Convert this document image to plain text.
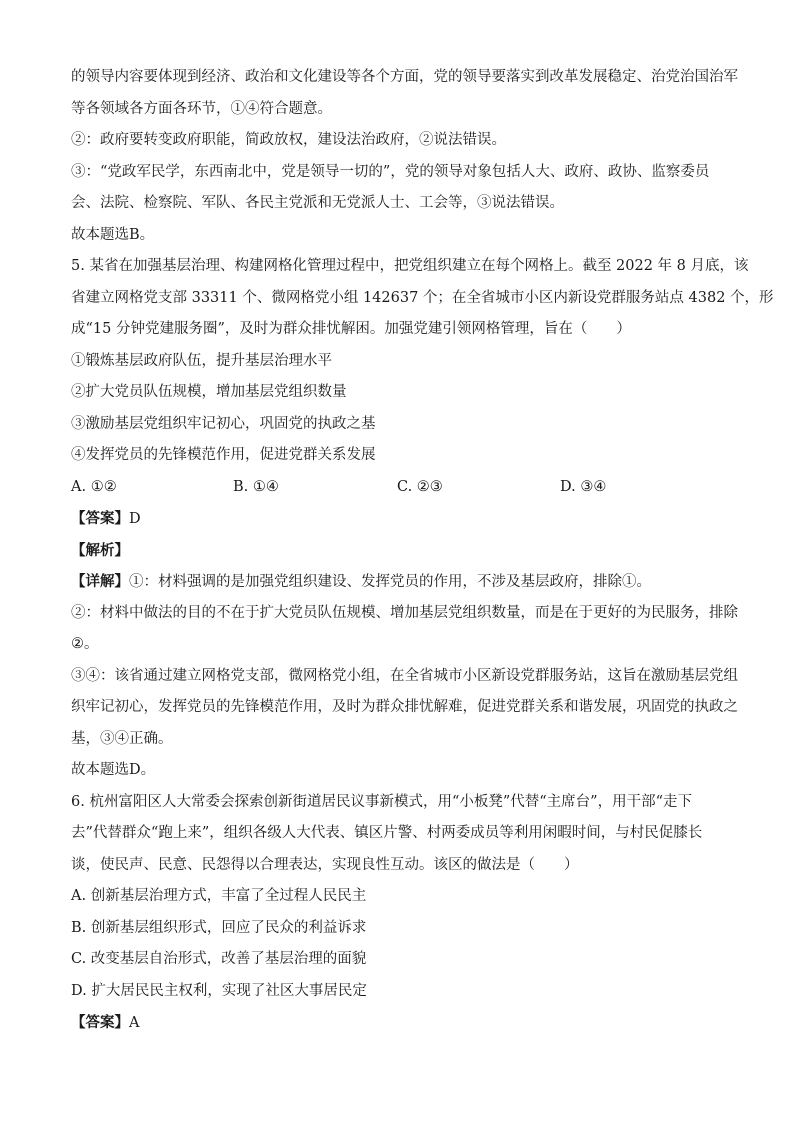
的领导内容要体现到经济、政治和文化建设等各个方面，党的领导要落实到改革发展稳定、治党治国治军
等各领域各方面各环节，①④符合题意。
②：政府要转变政府职能，简政放权，建设法治政府，②说法错误。
③：“党政军民学，东西南北中，党是领导一切的”，党的领导对象包括人大、政府、政协、监察委员
会、法院、检察院、军队、各民主党派和无党派人士、工会等，③说法错误。
故本题选B。
5. 某省在加强基层治理、构建网格化管理过程中，把党组织建立在每个网格上。截至 2022 年 8 月底，该
省建立网格党支部 33311 个、微网格党小组 142637 个；在全省城市小区内新设党群服务站点 4382 个，形
成“15 分钟党建服务圈”，及时为群众排忧解困。加强党建引领网格管理，旨在（　　）
①锻炼基层政府队伍，提升基层治理水平
②扩大党员队伍规模，增加基层党组织数量
③激励基层党组织牢记初心，巩固党的执政之基
④发挥党员的先锋模范作用，促进党群关系发展
A. ①②	B. ①④	C. ②③	D. ③④
【答案】D
【解析】
【详解】①：材料强调的是加强党组织建设、发挥党员的作用，不涉及基层政府，排除①。
②：材料中做法的目的不在于扩大党员队伍规模、增加基层党组织数量，而是在于更好的为民服务，排除
②。
③④：该省通过建立网格党支部，微网格党小组，在全省城市小区新设党群服务站，这旨在激励基层党组
织牢记初心，发挥党员的先锋模范作用，及时为群众排忧解难，促进党群关系和谐发展，巩固党的执政之
基，③④正确。
故本题选D。
6. 杭州富阳区人大常委会探索创新街道居民议事新模式，用“小板凳”代替“主席台”，用干部“走下
去”代替群众“跑上来”，组织各级人大代表、镇区片警、村两委成员等利用闲暇时间，与村民促膝长
谈，使民声、民意、民怨得以合理表达，实现良性互动。该区的做法是（　　）
A. 创新基层治理方式，丰富了全过程人民民主
B. 创新基层组织形式，回应了民众的利益诉求
C. 改变基层自治形式，改善了基层治理的面貌
D. 扩大居民民主权利，实现了社区大事居民定
【答案】A
